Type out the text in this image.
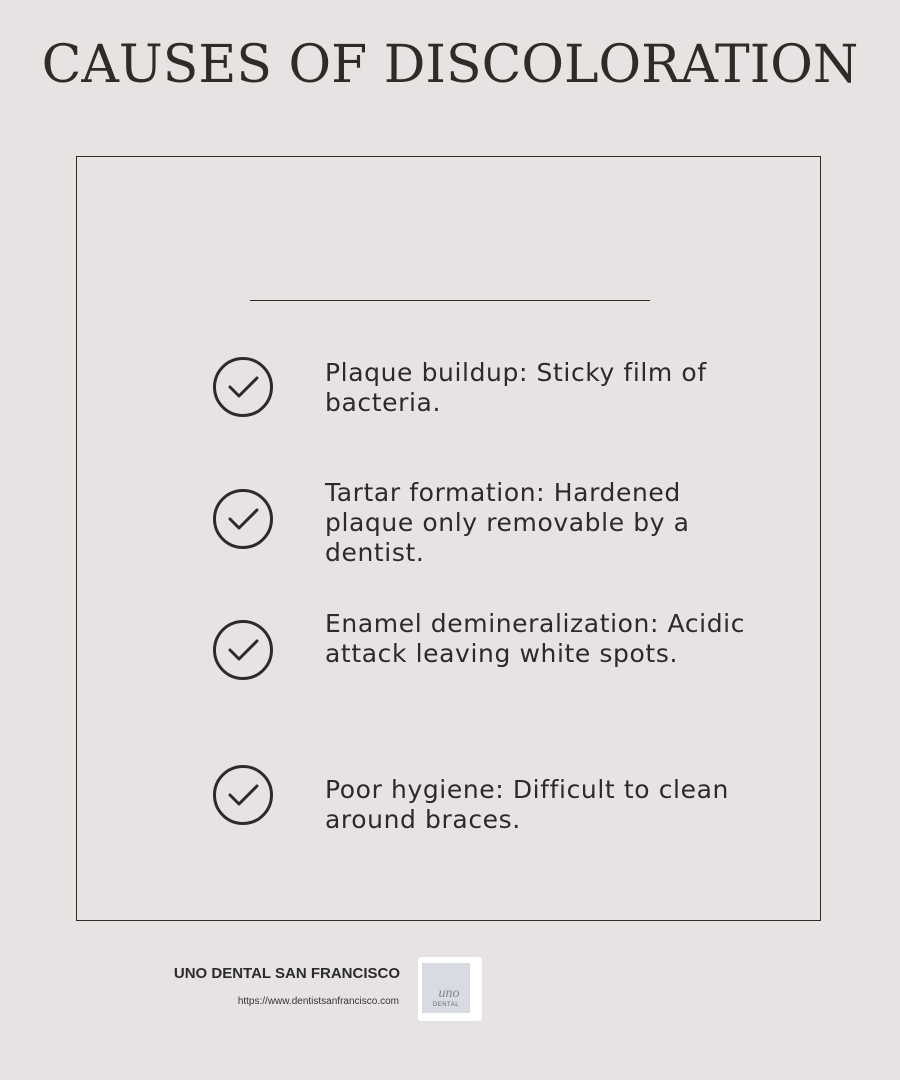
CAUSES OF DISCOLORATION
Plaque buildup: Sticky film of bacteria.
Tartar formation: Hardened plaque only removable by a dentist.
Enamel demineralization: Acidic attack leaving white spots.
Poor hygiene: Difficult to clean around braces.
UNO DENTAL SAN FRANCISCO
https://www.dentistsanfrancisco.com
uno
DENTAL
